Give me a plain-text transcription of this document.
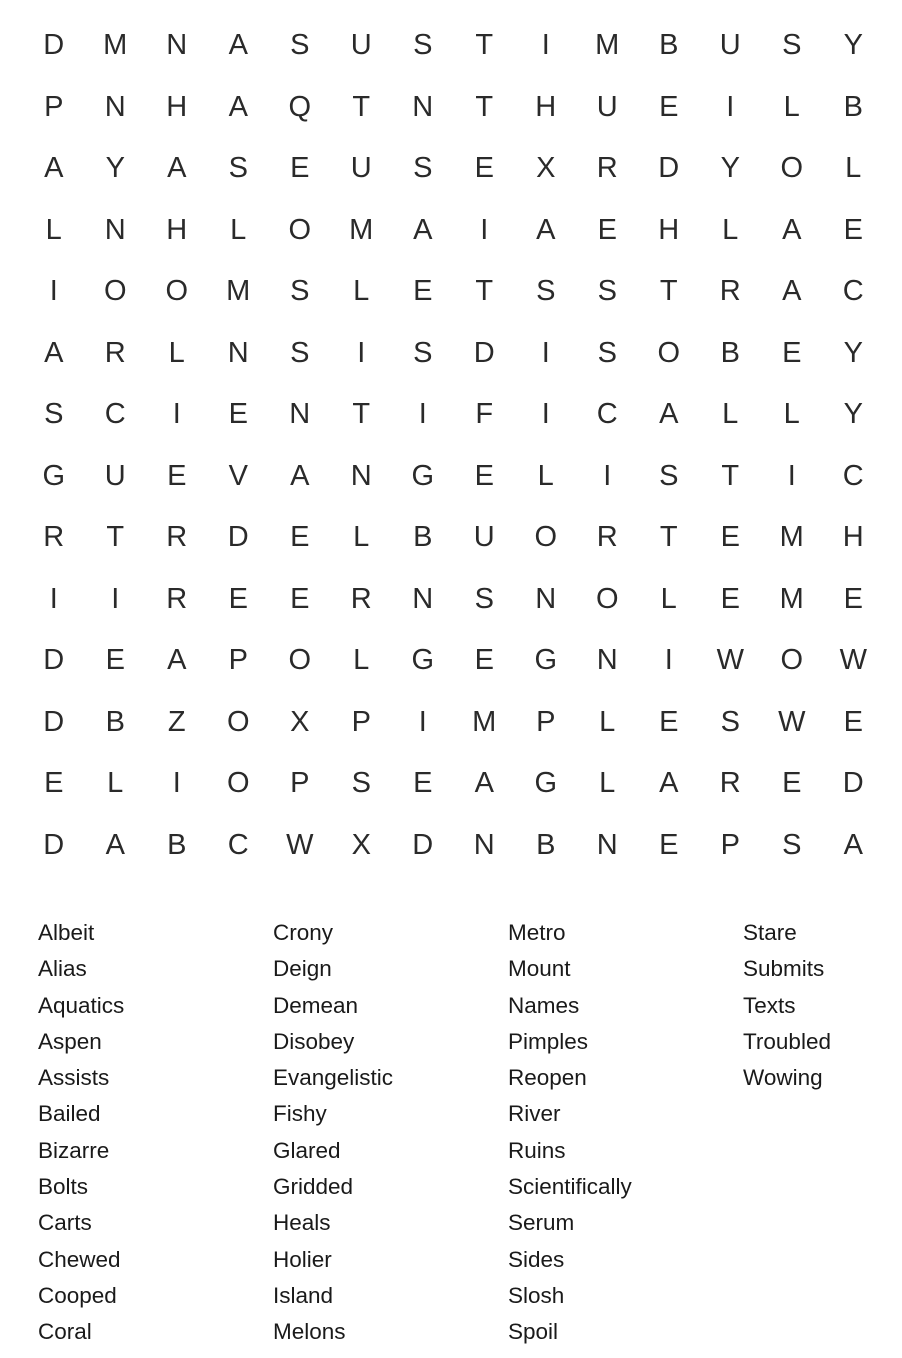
D	M	N	A	S	U	S	T	I	M	B	U	S	Y
P	N	H	A	Q	T	N	T	H	U	E	I	L	B
A	Y	A	S	E	U	S	E	X	R	D	Y	O	L
L	N	H	L	O	M	A	I	A	E	H	L	A	E
I	O	O	M	S	L	E	T	S	S	T	R	A	C
A	R	L	N	S	I	S	D	I	S	O	B	E	Y
S	C	I	E	N	T	I	F	I	C	A	L	L	Y
G	U	E	V	A	N	G	E	L	I	S	T	I	C
R	T	R	D	E	L	B	U	O	R	T	E	M	H
I	I	R	E	E	R	N	S	N	O	L	E	M	E
D	E	A	P	O	L	G	E	G	N	I	W	O	W
D	B	Z	O	X	P	I	M	P	L	E	S	W	E
E	L	I	O	P	S	E	A	G	L	A	R	E	D
D	A	B	C	W	X	D	N	B	N	E	P	S	A
Albeit
Alias
Aquatics
Aspen
Assists
Bailed
Bizarre
Bolts
Carts
Chewed
Cooped
Coral
Crony
Deign
Demean
Disobey
Evangelistic
Fishy
Glared
Gridded
Heals
Holier
Island
Melons
Metro
Mount
Names
Pimples
Reopen
River
Ruins
Scientifically
Serum
Sides
Slosh
Spoil
Stare
Submits
Texts
Troubled
Wowing
